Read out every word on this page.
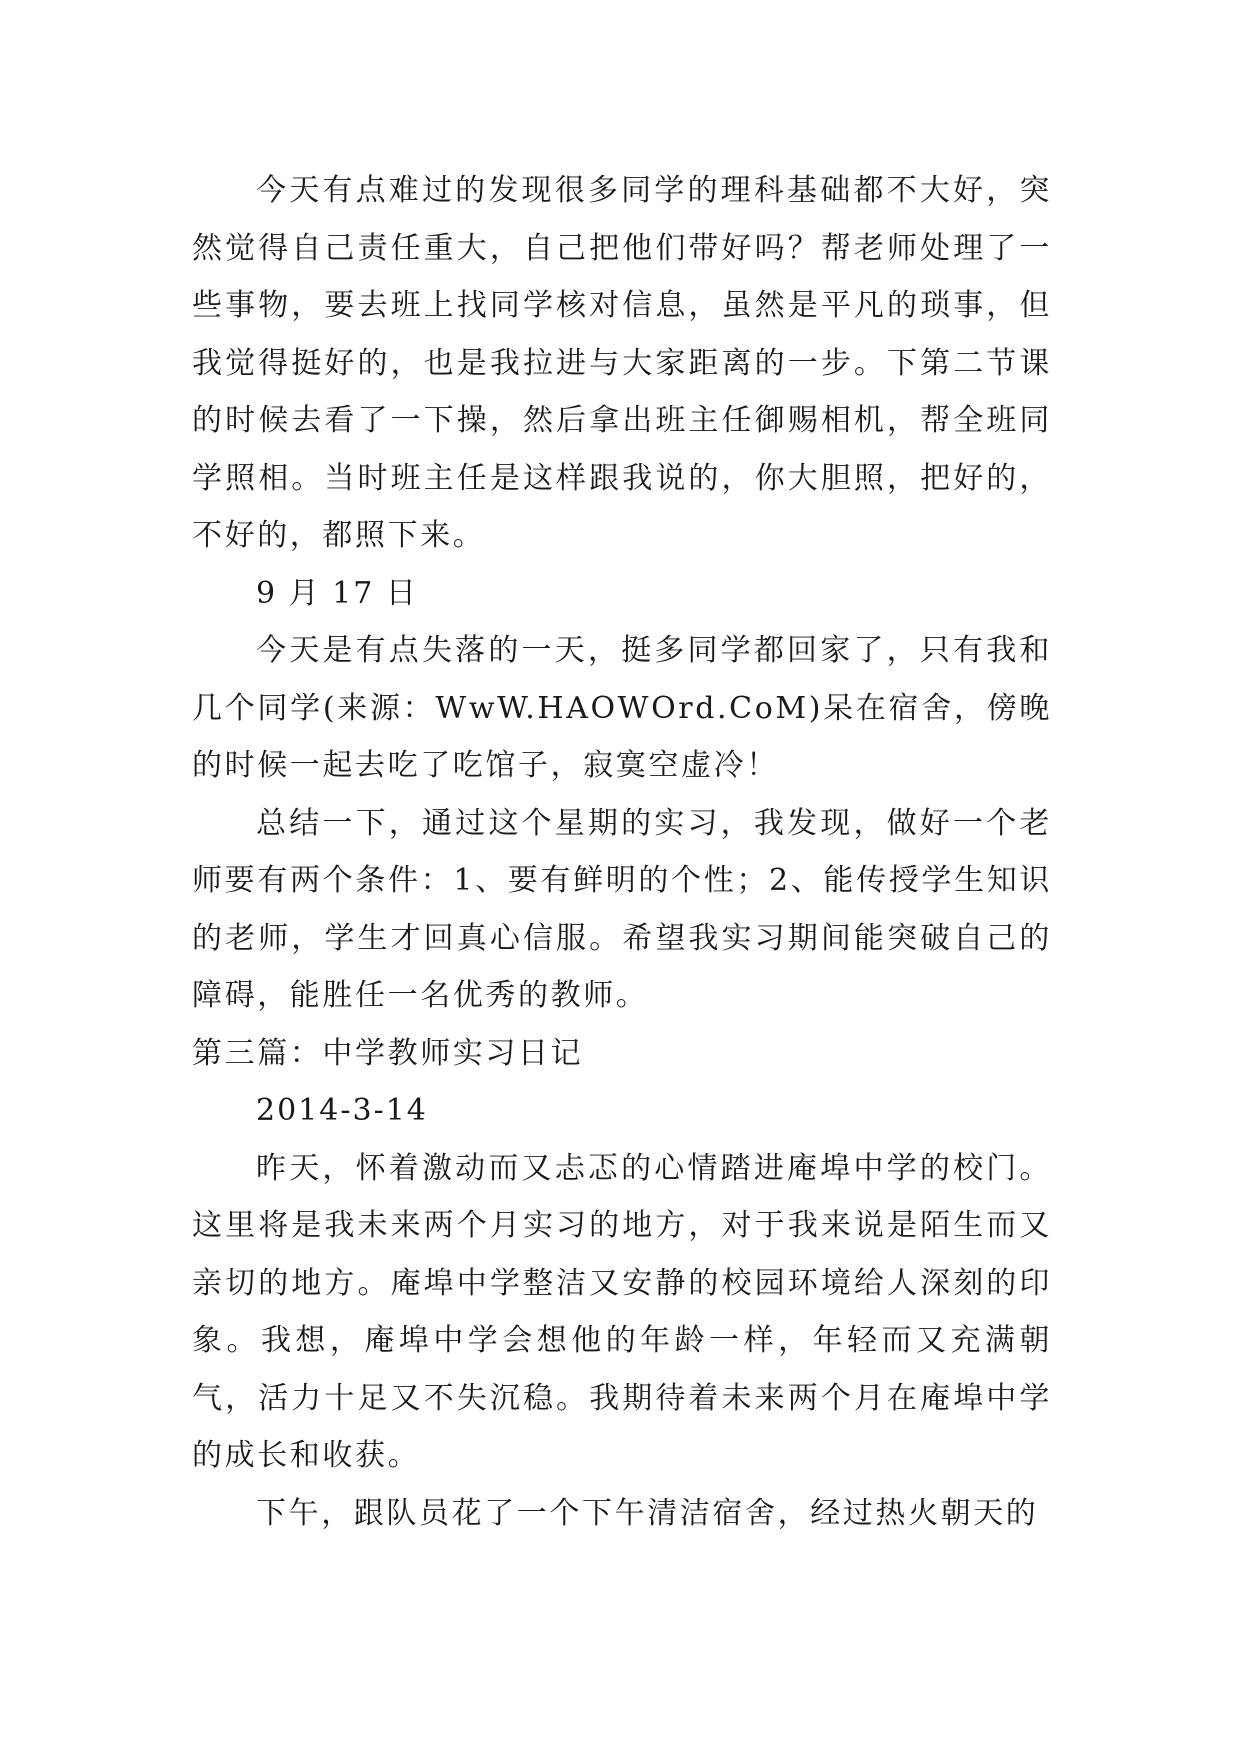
今天有点难过的发现很多同学的理科基础都不大好，突然觉得自己责任重大，自己把他们带好吗？帮老师处理了一些事物，要去班上找同学核对信息，虽然是平凡的琐事，但我觉得挺好的，也是我拉进与大家距离的一步。下第二节课的时候去看了一下操，然后拿出班主任御赐相机，帮全班同学照相。当时班主任是这样跟我说的，你大胆照，把好的，不好的，都照下来。

9 月 17 日

今天是有点失落的一天，挺多同学都回家了，只有我和几个同学(来源：WwW.HAOWOrd.CoM)呆在宿舍，傍晚的时候一起去吃了吃馆子，寂寞空虚冷！

总结一下，通过这个星期的实习，我发现，做好一个老师要有两个条件：1、要有鲜明的个性；2、能传授学生知识的老师，学生才回真心信服。希望我实习期间能突破自己的障碍，能胜任一名优秀的教师。

第三篇：中学教师实习日记

2014-3-14

昨天，怀着激动而又忐忑的心情踏进庵埠中学的校门。这里将是我未来两个月实习的地方，对于我来说是陌生而又亲切的地方。庵埠中学整洁又安静的校园环境给人深刻的印象。我想，庵埠中学会想他的年龄一样，年轻而又充满朝气，活力十足又不失沉稳。我期待着未来两个月在庵埠中学的成长和收获。

下午，跟队员花了一个下午清洁宿舍，经过热火朝天的
